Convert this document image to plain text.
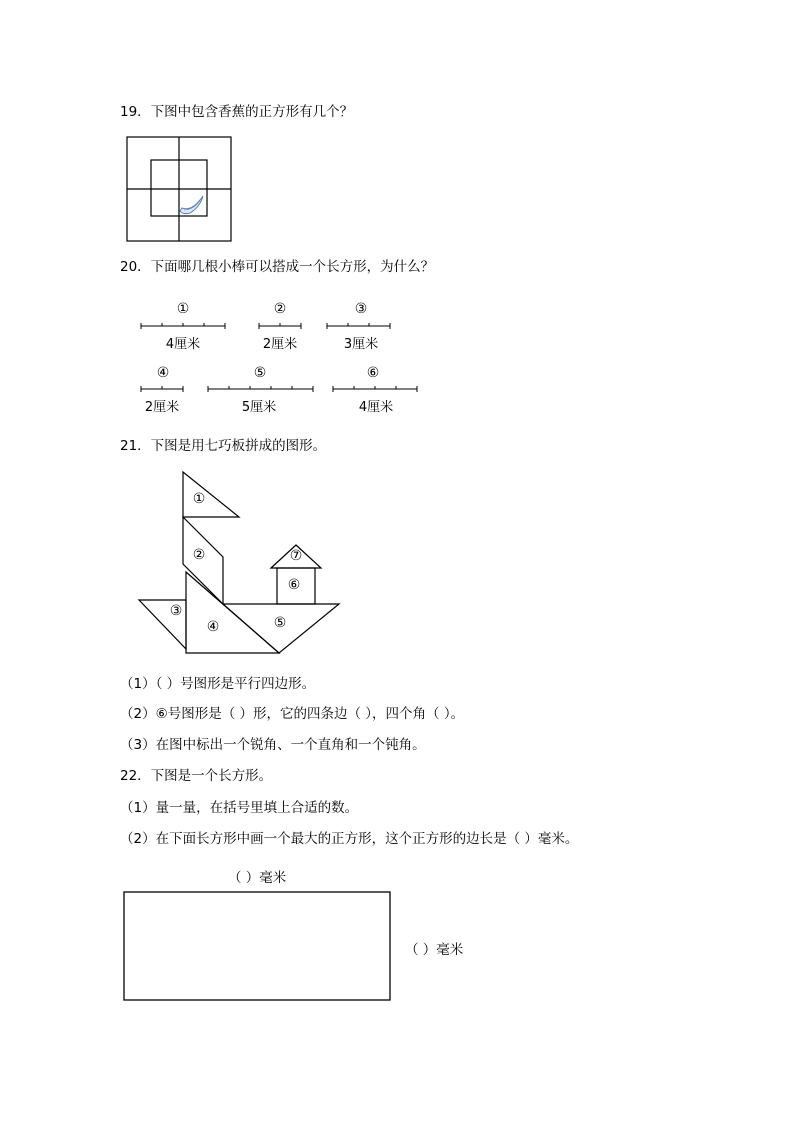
19．下图中包含香蕉的正方形有几个？
20．下面哪几根小棒可以搭成一个长方形，为什么？
①
4厘米
②
2厘米
③
3厘米
④
2厘米
⑤
5厘米
⑥
4厘米
21．下图是用七巧板拼成的图形。
①
②
③
④	⑤
⑥
⑦
（1）（ ）号图形是平行四边形。
（2）⑥号图形是（ ）形，它的四条边（ ），四个角（ ）。
（3）在图中标出一个锐角、一个直角和一个钝角。
22．下图是一个长方形。
（1）量一量，在括号里填上合适的数。
（2）在下面长方形中画一个最大的正方形，这个正方形的边长是（ ）毫米。
（ ）毫米
（ ）毫米
